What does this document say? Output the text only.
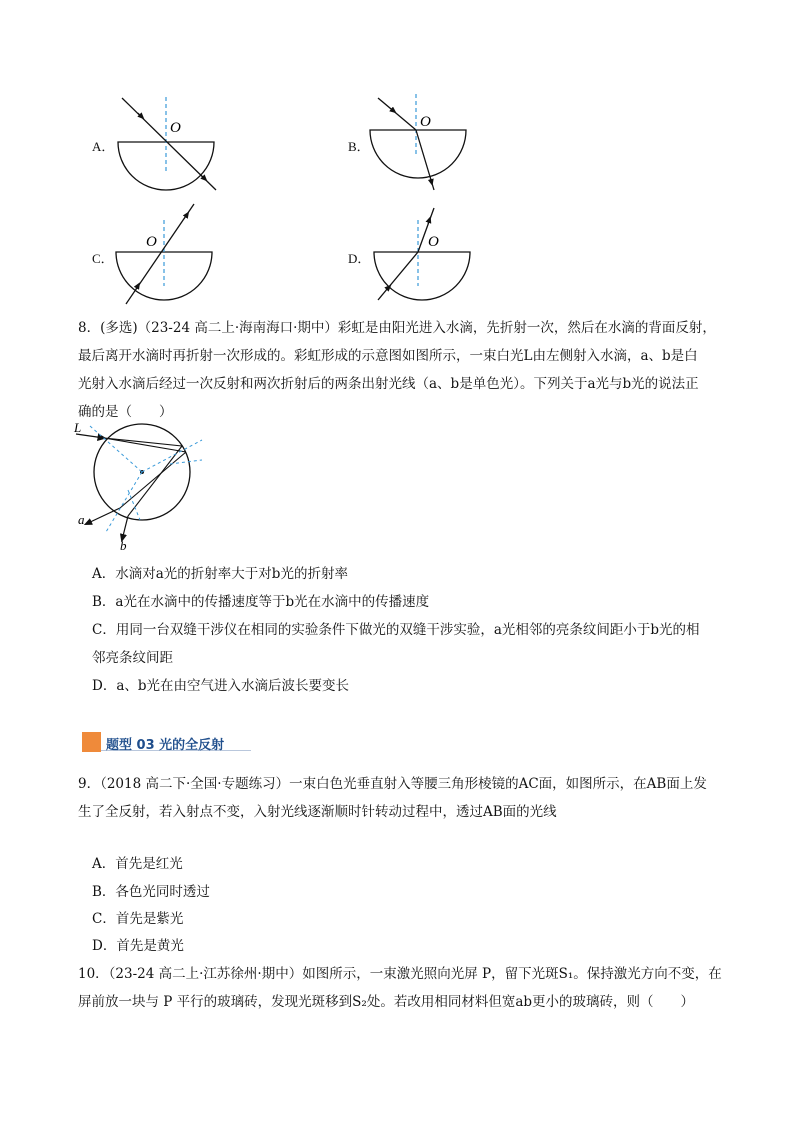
A．
O
B．
O
C．
O
D．
O
8．(多选)（23-24 高二上·海南海口·期中）彩虹是由阳光进入水滴，先折射一次，然后在水滴的背面反射，
最后离开水滴时再折射一次形成的。彩虹形成的示意图如图所示，一束白光L由左侧射入水滴，a、b是白
光射入水滴后经过一次反射和两次折射后的两条出射光线（a、b是单色光）。下列关于a光与b光的说法正
确的是（　　）
L
a
b
A．水滴对a光的折射率大于对b光的折射率
B．a光在水滴中的传播速度等于b光在水滴中的传播速度
C．用同一台双缝干涉仪在相同的实验条件下做光的双缝干涉实验，a光相邻的亮条纹间距小于b光的相
邻亮条纹间距
D．a、b光在由空气进入水滴后波长要变长
题型 03 光的全反射
9．（2018 高二下·全国·专题练习）一束白色光垂直射入等腰三角形棱镜的AC面，如图所示，在AB面上发
生了全反射，若入射点不变，入射光线逐渐顺时针转动过程中，透过AB面的光线
A．首先是红光
B．各色光同时透过
C．首先是紫光
D．首先是黄光
10．（23-24 高二上·江苏徐州·期中）如图所示，一束激光照向光屏 P，留下光斑S₁。保持激光方向不变，在
屏前放一块与 P 平行的玻璃砖，发现光斑移到S₂处。若改用相同材料但宽ab更小的玻璃砖，则（　　）
